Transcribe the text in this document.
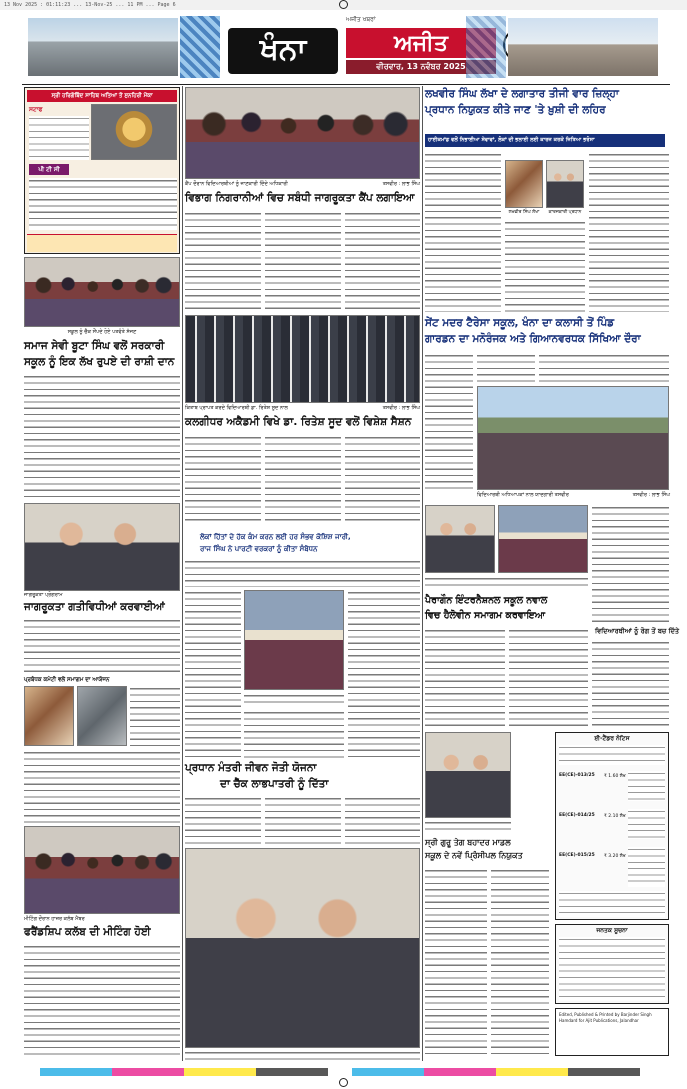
13 Nov 2025 : 01:11:23 ... 13-Nov-25 ... 11 PM ... Page 6
ਖੰਨਾ
ਅਜੀਤ ਖਬਰਾਂ
ਅਜੀਤ
ਵੀਰਵਾਰ, 13 ਨਵੰਬਰ 2025
ਸ੍ਰੀ ਹਰਿਗੋਬਿੰਦ ਸਾਹਿਬ ਅਤਿਆਂ ਤੋਂ ਸੁਨਹਿਰੀ ਮੌਕਾ
ਸਟਾਫ
ਪੀ ਟੀ ਸੀ
ਸਕੂਲ ਨੂੰ ਚੈੱਕ ਸੌਂਪਦੇ ਹੋਏ ਪਤਵੰਤੇ ਸੱਜਣ
ਸਮਾਜ ਸੇਵੀ ਬੂਟਾ ਸਿੰਘ ਵਲੋਂ ਸਰਕਾਰੀ
ਸਕੂਲ ਨੂੰ ਇਕ ਲੱਖ ਰੁਪਏ ਦੀ ਰਾਸ਼ੀ ਦਾਨ
ਜਾਗਰੂਕਤਾ ਪ੍ਰੋਗਰਾਮ
ਜਾਗਰੂਕਤਾ ਗਤੀਵਿਧੀਆਂ ਕਰਵਾਈਆਂ
ਪ੍ਰਬੰਧਕ ਕਮੇਟੀ ਵਲੋਂ ਸਮਾਗਮ ਦਾ ਆਯੋਜਨ
ਮੀਟਿੰਗ ਦੌਰਾਨ ਹਾਜ਼ਰ ਕਲੱਬ ਮੈਂਬਰ
ਫਰੈਂਡਸ਼ਿਪ ਕਲੱਬ ਦੀ ਮੀਟਿੰਗ ਹੋਈ
ਕੈਂਪ ਦੌਰਾਨ ਵਿਦਿਆਰਥੀਆਂ ਨੂੰ ਜਾਣਕਾਰੀ ਦਿੰਦੇ ਅਧਿਕਾਰੀ	ਤਸਵੀਰ : ਲਾਭ ਸਿੰਘ
ਵਿਭਾਗ ਨਿਗਰਾਨੀਆਂ ਵਿਚ ਸਬੰਧੀ ਜਾਗਰੂਕਤਾ ਕੈਂਪ ਲਗਾਇਆ
ਲਖਵੀਰ ਸਿੰਘ ਲੱਖਾ ਦੇ ਲਗਾਤਾਰ ਤੀਜੀ ਵਾਰ ਜ਼ਿਲ੍ਹਾ
ਪ੍ਰਧਾਨ ਨਿਯੁਕਤ ਕੀਤੇ ਜਾਣ 'ਤੇ ਖ਼ੁਸ਼ੀ ਦੀ ਲਹਿਰ
ਹਾਈਕਮਾਂਡ ਵਲੋਂ ਨਿਭਾਈਆ ਸੇਵਾਵਾਂ, ਲੋਕਾਂ ਦੀ ਭਲਾਈ ਲਈ ਕਾਰਜ ਕਰਕੇ ਜਿਤਿਆ ਭਰੋਸਾ
ਲਖਵੀਰ ਸਿੰਘ ਲੱਖਾ	ਕਾਰਜਕਾਰੀ ਪ੍ਰਧਾਨ
ਕਿਤਾਬ ਪ੍ਰਾਪਤ ਕਰਦੇ ਵਿਦਿਆਰਥੀ ਡਾ. ਰਿਤੇਸ਼ ਸੂਦ ਨਾਲ	ਤਸਵੀਰ : ਲਾਭ ਸਿੰਘ
ਕਲਗੀਧਰ ਅਕੈਡਮੀ ਵਿਖੇ ਡਾ. ਰਿਤੇਸ਼ ਸੂਦ ਵਲੋਂ ਵਿਸ਼ੇਸ਼ ਸੈਸ਼ਨ
ਸੇਂਟ ਮਦਰ ਟੈਰੇਸਾ ਸਕੂਲ, ਖੰਨਾ ਦਾ ਕਲਾਸੀ ਤੋਂ ਪਿੰਡ
ਗਾਰਡਨ ਦਾ ਮਨੋਰੰਜਕ ਅਤੇ ਗਿਆਨਵਰਧਕ ਸਿੱਖਿਆ ਦੌਰਾ
ਵਿਦਿਆਰਥੀ ਅਧਿਆਪਕਾਂ ਨਾਲ ਯਾਦਗਾਰੀ ਤਸਵੀਰ	ਤਸਵੀਰ : ਲਾਭ ਸਿੰਘ
ਲੋਕਾਂ ਹਿੱਤਾਂ ਦੇ ਹੱਕ ਕੰਮ ਕਰਨ ਲਈ ਹਰ ਸੰਭਵ ਕੋਸ਼ਿਸ਼ ਜਾਰੀ,
ਰਾਜ ਸਿੰਘ ਨੇ ਪਾਰਟੀ ਵਰਕਰਾਂ ਨੂੰ ਕੀਤਾ ਸੰਬੋਧਨ
ਪੈਰਾਗੌਨ ਇੰਟਰਨੈਸ਼ਨਲ ਸਕੂਲ ਨਵਾਲ
ਵਿਚ ਹੈਲੋਵੀਨ ਸਮਾਗਮ ਕਰਵਾਇਆ
ਵਿਦਿਆਰਥੀਆਂ ਨੂੰ ਰੋਗ ਤੋਂ ਬਚ ਦਿੱਤੇ
ਪ੍ਰਧਾਨ ਮੰਤਰੀ ਜੀਵਨ ਜੋਤੀ ਯੋਜਨਾ
ਦਾ ਚੈੱਕ ਲਾਭਪਾਤਰੀ ਨੂੰ ਦਿੱਤਾ
ਸ੍ਰੀ ਗੁਰੂ ਤੇਗ ਬਹਾਦਰ ਮਾਡਲ
ਸਕੂਲ ਦੇ ਨਵੇਂ ਪ੍ਰਿੰਸੀਪਲ ਨਿਯੁਕਤ
ਈ-ਟੈਂਡਰ ਨੋਟਿਸ
EE(CE)-013/25 ₹ 1.60 ਲੱਖ
EE(CE)-014/25 ₹ 2.10 ਲੱਖ
EE(CE)-015/25 ₹ 3.20 ਲੱਖ
ਜਨਤਕ ਸੂਚਨਾ
Edited, Published & Printed by Barjinder Singh Hamdard for Ajit Publications, Jalandhar
